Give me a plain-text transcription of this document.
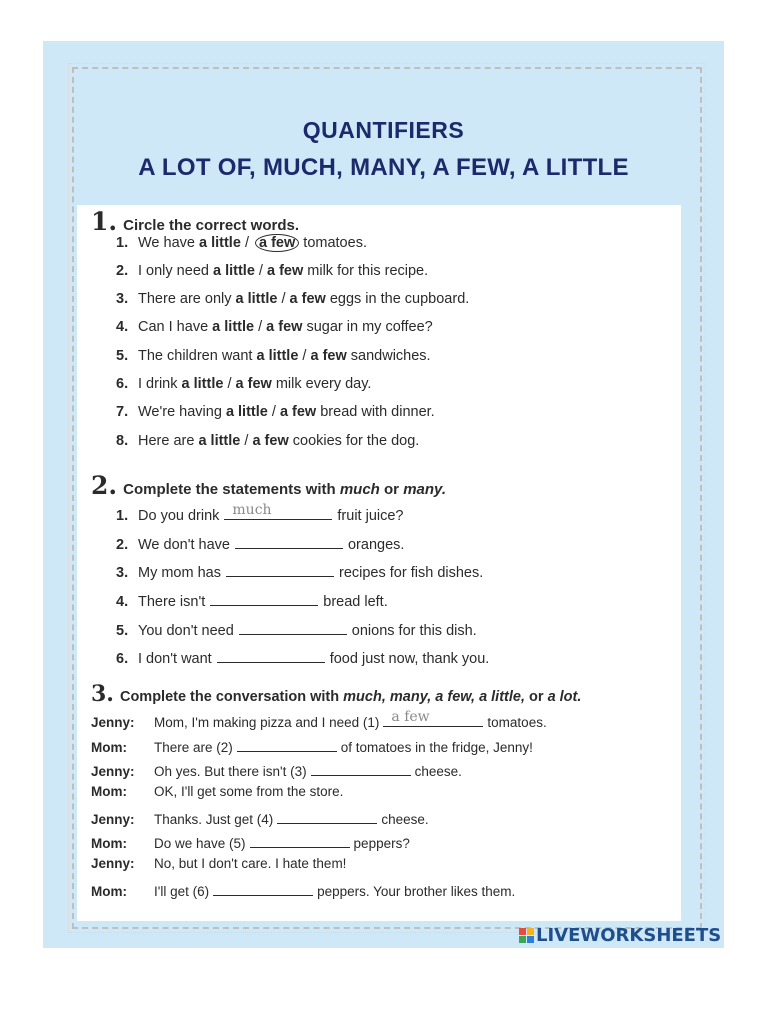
QUANTIFIERS
A LOT OF, MUCH, MANY, A FEW, A LITTLE
1. Circle the correct words.
1. We have a little / a few tomatoes.
2. I only need a little / a few milk for this recipe.
3. There are only a little / a few eggs in the cupboard.
4. Can I have a little / a few sugar in my coffee?
5. The children want a little / a few sandwiches.
6. I drink a little / a few milk every day.
7. We're having a little / a few bread with dinner.
8. Here are a little / a few cookies for the dog.
2. Complete the statements with much or many.
1. Do you drink much	fruit juice?
2. We don't have	oranges.
3. My mom has	recipes for fish dishes.
4. There isn't	bread left.
5. You don't need	onions for this dish.
6. I don't want	food just now, thank you.
3. Complete the conversation with much, many, a few, a little, or a lot.
Jenny:	Mom, I'm making pizza and I need (1) a few	tomatoes.
Mom:	There are (2)	of tomatoes in the fridge, Jenny!
Jenny:	Oh yes. But there isn't (3)	cheese.
Mom:	OK, I'll get some from the store.
Jenny:	Thanks. Just get (4)	cheese.
Mom:	Do we have (5)	peppers?
Jenny:	No, but I don't care. I hate them!
Mom:	I'll get (6)	peppers. Your brother likes them.
LIVEWORKSHEETS
